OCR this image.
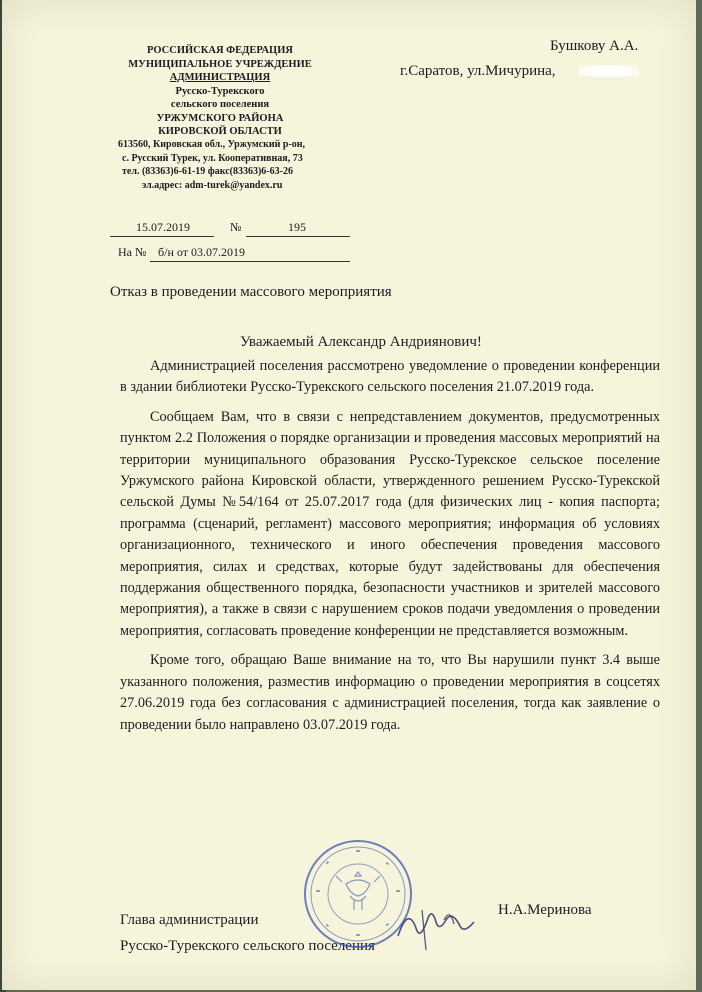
РОССИЙСКАЯ ФЕДЕРАЦИЯ
МУНИЦИПАЛЬНОЕ УЧРЕЖДЕНИЕ
АДМИНИСТРАЦИЯ
Русско-Турекского
сельского поселения
УРЖУМСКОГО РАЙОНА
КИРОВСКОЙ ОБЛАСТИ
613560, Кировская обл., Уржумский р-он,
с. Русский Турек, ул. Кооперативная, 73
тел. (83363)6-61-19 факс(83363)6-63-26
эл.адрес: adm-turek@yandex.ru
Бушкову А.А.
г.Саратов, ул.Мичурина,
15.07.2019	№	195
На № б/н от 03.07.2019
Отказ в проведении массового мероприятия
Уважаемый Александр Андриянович!

Администрацией поселения рассмотрено уведомление о проведении конференции в здании библиотеки Русско-Турекского сельского поселения 21.07.2019 года.

Сообщаем Вам, что в связи с непредставлением документов, предусмотренных пунктом 2.2 Положения о порядке организации и проведения массовых мероприятий на территории муниципального образования Русско-Турекское сельское поселение Уржумского района Кировской области, утвержденного решением Русско-Турекской сельской Думы №54/164 от 25.07.2017 года (для физических лиц - копия паспорта; программа (сценарий, регламент) массового мероприятия; информация об условиях организационного, технического и иного обеспечения проведения массового мероприятия, силах и средствах, которые будут задействованы для обеспечения поддержания общественного порядка, безопасности участников и зрителей массового мероприятия), а также в связи с нарушением сроков подачи уведомления о проведении мероприятия, согласовать проведение конференции не представляется возможным.

Кроме того, обращаю Ваше внимание на то, что Вы нарушили пункт 3.4 выше указанного положения, разместив информацию о проведении мероприятия в соцсетях 27.06.2019 года без согласования с администрацией поселения, тогда как заявление о проведении было направлено 03.07.2019 года.

Глава администрации
Русско-Турекского сельского поселения
Н.А.Меринова
